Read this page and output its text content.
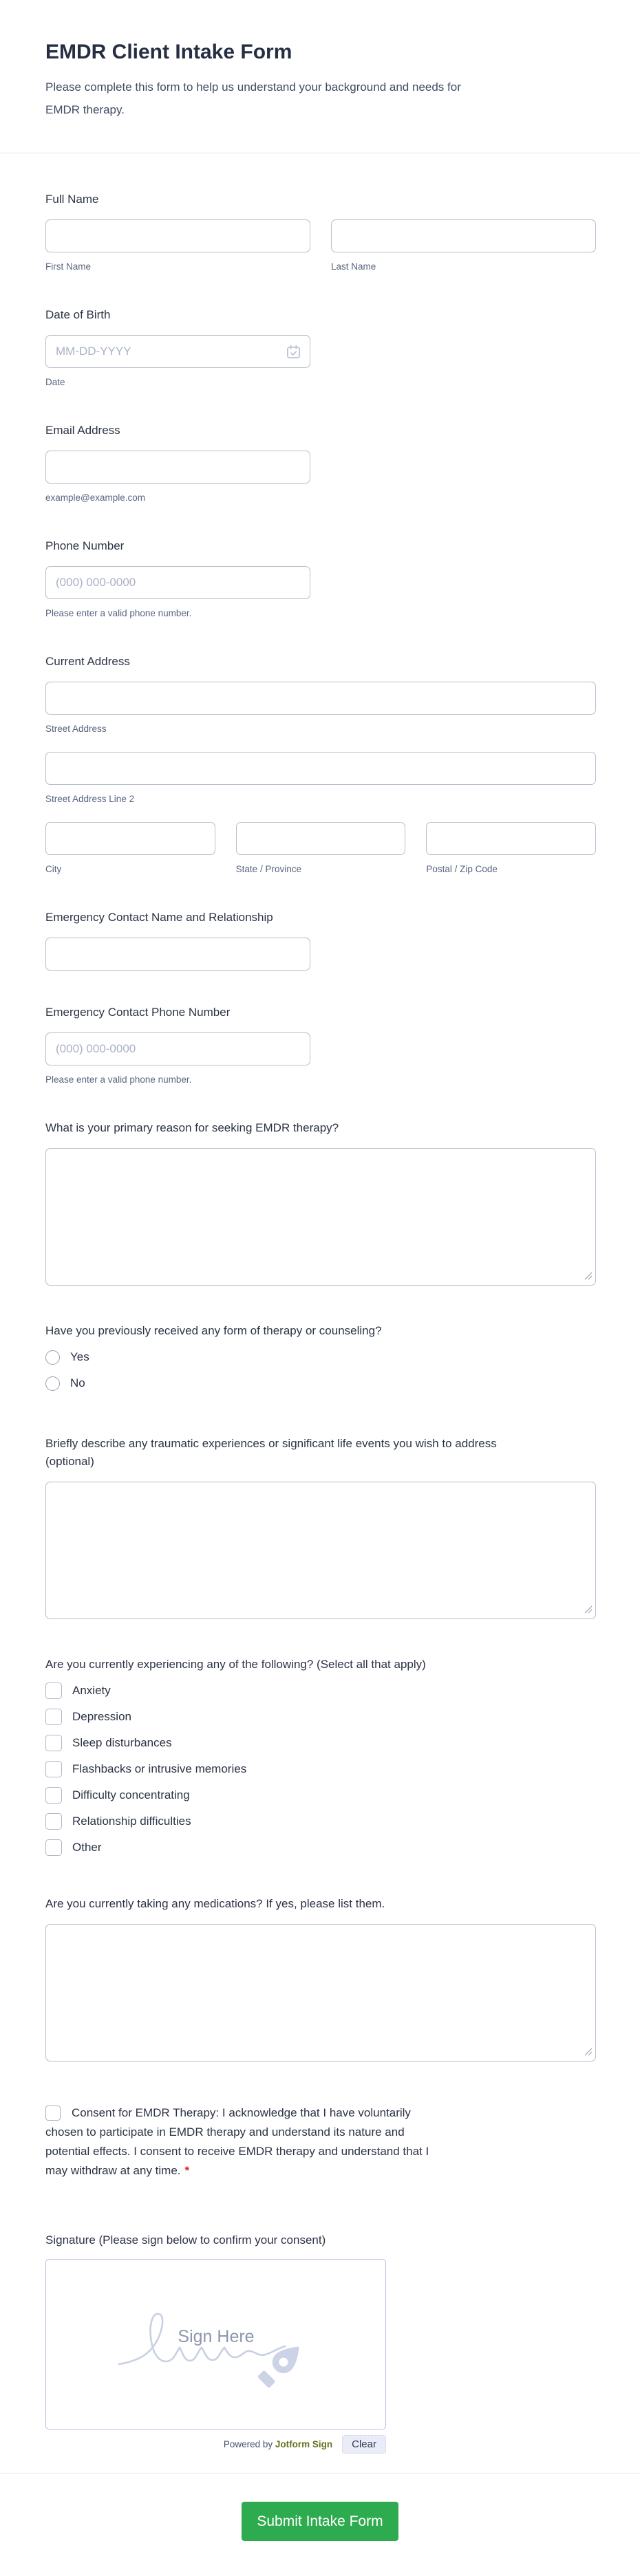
EMDR Client Intake Form
Please complete this form to help us understand your background and needs for EMDR therapy.
Full Name
First Name	Last Name
Date of Birth
MM-DD-YYYY
Date
Email Address
example@example.com
Phone Number
(000) 000-0000
Please enter a valid phone number.
Current Address
Street Address
Street Address Line 2
City	State / Province	Postal / Zip Code
Emergency Contact Name and Relationship
Emergency Contact Phone Number
(000) 000-0000
Please enter a valid phone number.
What is your primary reason for seeking EMDR therapy?
Have you previously received any form of therapy or counseling?
Yes
No
Briefly describe any traumatic experiences or significant life events you wish to address (optional)
Are you currently experiencing any of the following? (Select all that apply)
Anxiety
Depression
Sleep disturbances
Flashbacks or intrusive memories
Difficulty concentrating
Relationship difficulties
Other
Are you currently taking any medications? If yes, please list them.
Consent for EMDR Therapy: I acknowledge that I have voluntarily
chosen to participate in EMDR therapy and understand its nature and
potential effects. I consent to receive EMDR therapy and understand that I
may withdraw at any time. *
Signature (Please sign below to confirm your consent)
Sign Here
Powered by Jotform Sign	Clear
Submit Intake Form
